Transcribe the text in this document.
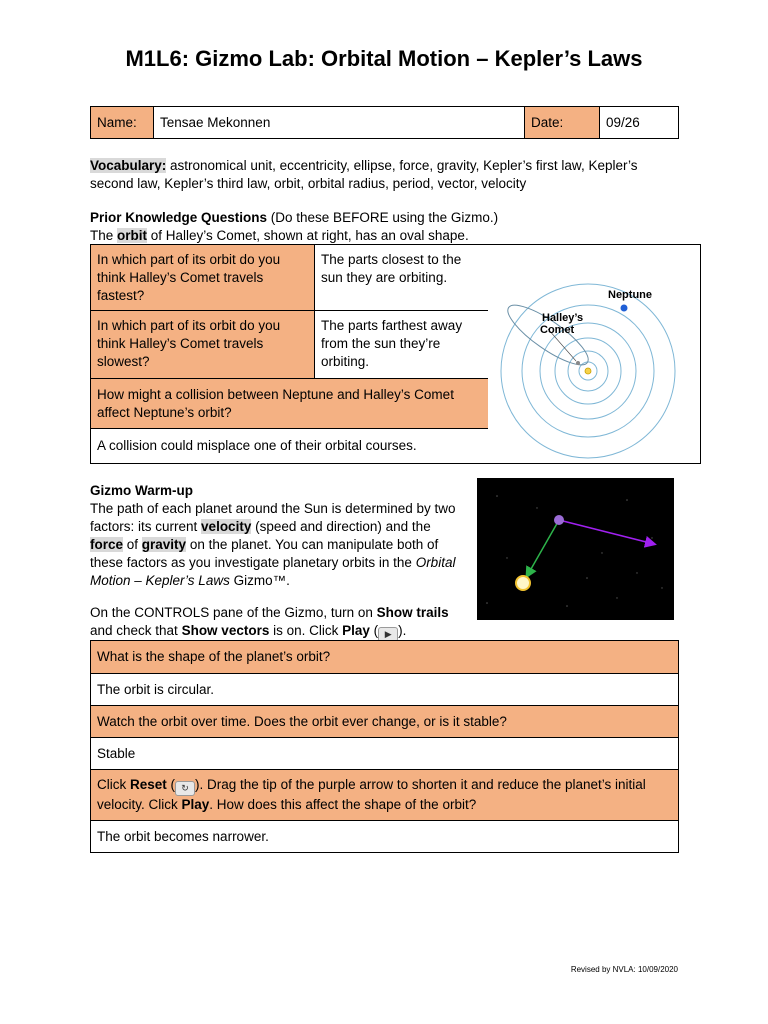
M1L6: Gizmo Lab: Orbital Motion – Kepler’s Laws
Name:	Tensae Mekonnen	Date:	09/26
Vocabulary: astronomical unit, eccentricity, ellipse, force, gravity, Kepler’s first law, Kepler’s second law, Kepler’s third law, orbit, orbital radius, period, vector, velocity
Prior Knowledge Questions (Do these BEFORE using the Gizmo.)
The orbit of Halley’s Comet, shown at right, has an oval shape.
In which part of its orbit do you think Halley’s Comet travels fastest?	The parts closest to the sun they are orbiting.
In which part of its orbit do you think Halley’s Comet travels slowest?	The parts farthest away from the sun they’re orbiting.
How might a collision between Neptune and Halley’s Comet affect Neptune’s orbit?	
A collision could misplace one of their orbital courses.	
Neptune
Halley’s
Comet
Gizmo Warm-up
The path of each planet around the Sun is determined by two factors: its current velocity (speed and direction) and the force of gravity on the planet. You can manipulate both of these factors as you investigate planetary orbits in the Orbital Motion – Kepler’s Laws Gizmo™.
On the CONTROLS pane of the Gizmo, turn on Show trails and check that Show vectors is on. Click Play ( ▶ ).
What is the shape of the planet’s orbit?
The orbit is circular.
Watch the orbit over time. Does the orbit ever change, or is it stable?
Stable
Click Reset ( ↻ ). Drag the tip of the purple arrow to shorten it and reduce the planet’s initial velocity. Click Play. How does this affect the shape of the orbit?
The orbit becomes narrower.
Revised by NVLA: 10/09/2020
